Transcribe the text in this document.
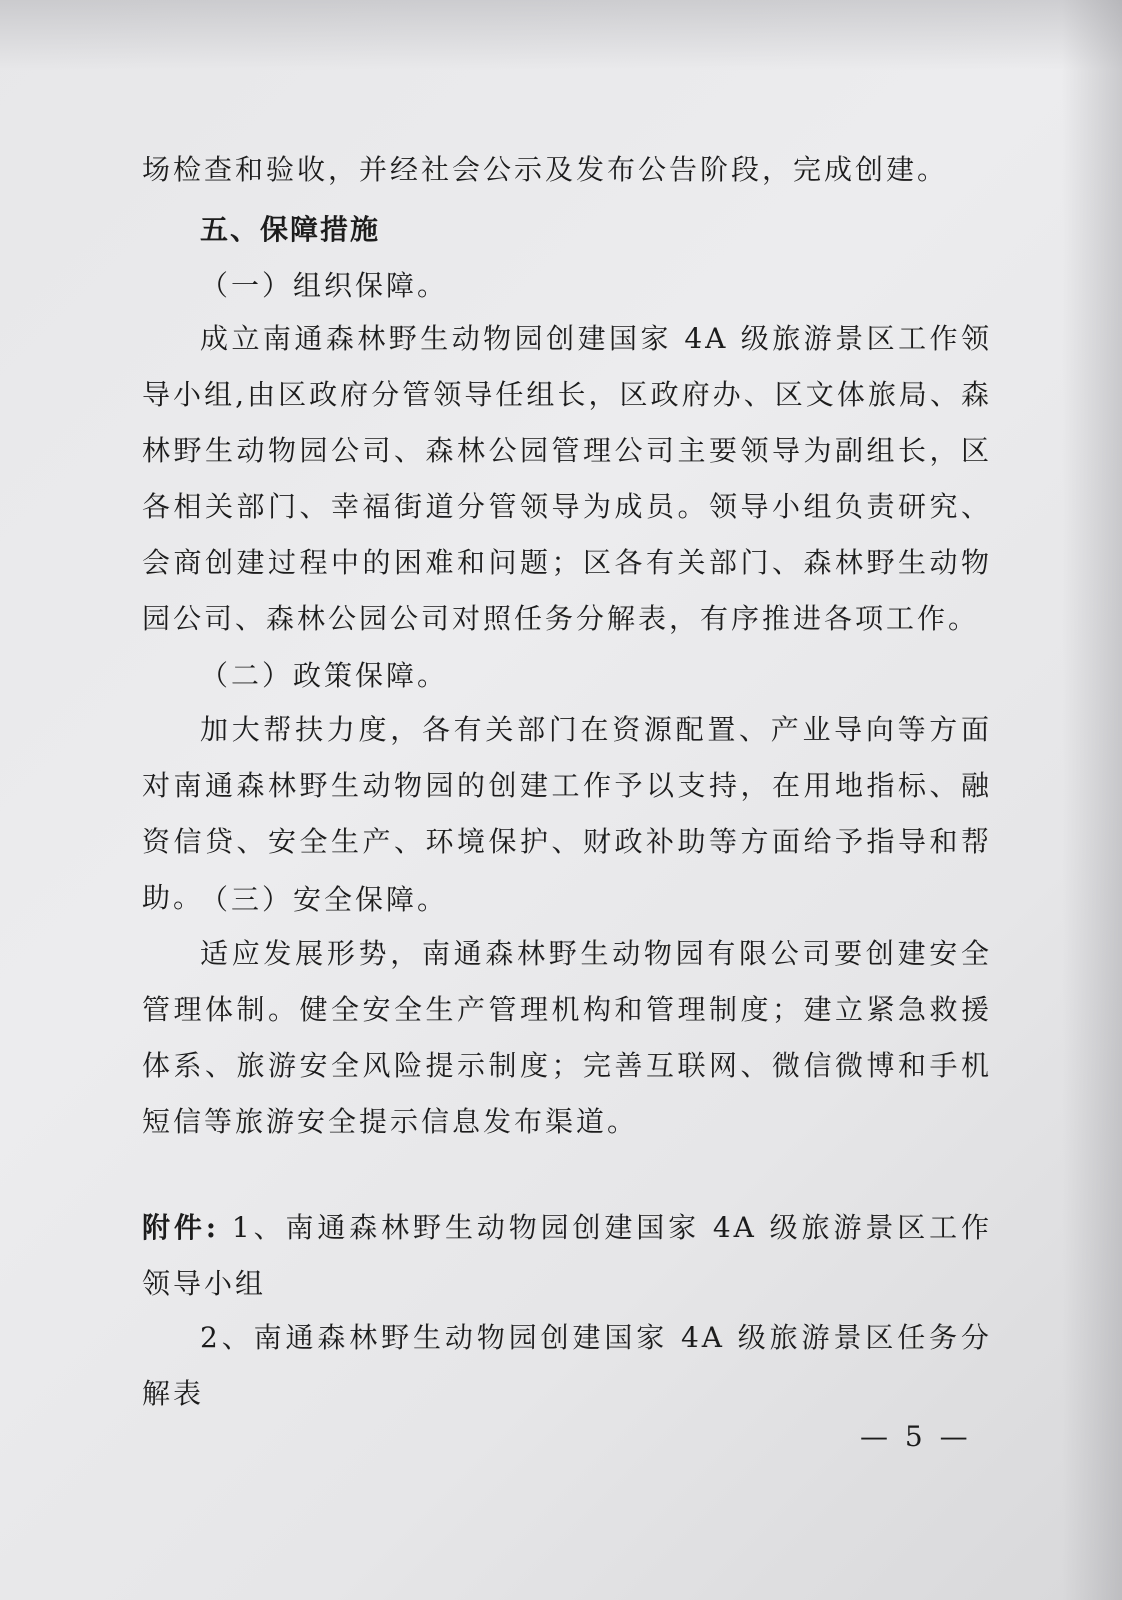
场检查和验收，并经社会公示及发布公告阶段，完成创建。

五、保障措施
（一）组织保障。

成立南通森林野生动物园创建国家 4A 级旅游景区工作领导小组,由区政府分管领导任组长，区政府办、区文体旅局、森林野生动物园公司、森林公园管理公司主要领导为副组长，区各相关部门、幸福街道分管领导为成员。领导小组负责研究、会商创建过程中的困难和问题；区各有关部门、森林野生动物园公司、森林公园公司对照任务分解表，有序推进各项工作。

（二）政策保障。

加大帮扶力度，各有关部门在资源配置、产业导向等方面对南通森林野生动物园的创建工作予以支持，在用地指标、融资信贷、安全生产、环境保护、财政补助等方面给予指导和帮助。

（三）安全保障。

适应发展形势，南通森林野生动物园有限公司要创建安全管理体制。健全安全生产管理机构和管理制度；建立紧急救援体系、旅游安全风险提示制度；完善互联网、微信微博和手机短信等旅游安全提示信息发布渠道。

附件: 1、南通森林野生动物园创建国家 4A 级旅游景区工作领导小组

2、南通森林野生动物园创建国家 4A 级旅游景区任务分解表

— 5 —
